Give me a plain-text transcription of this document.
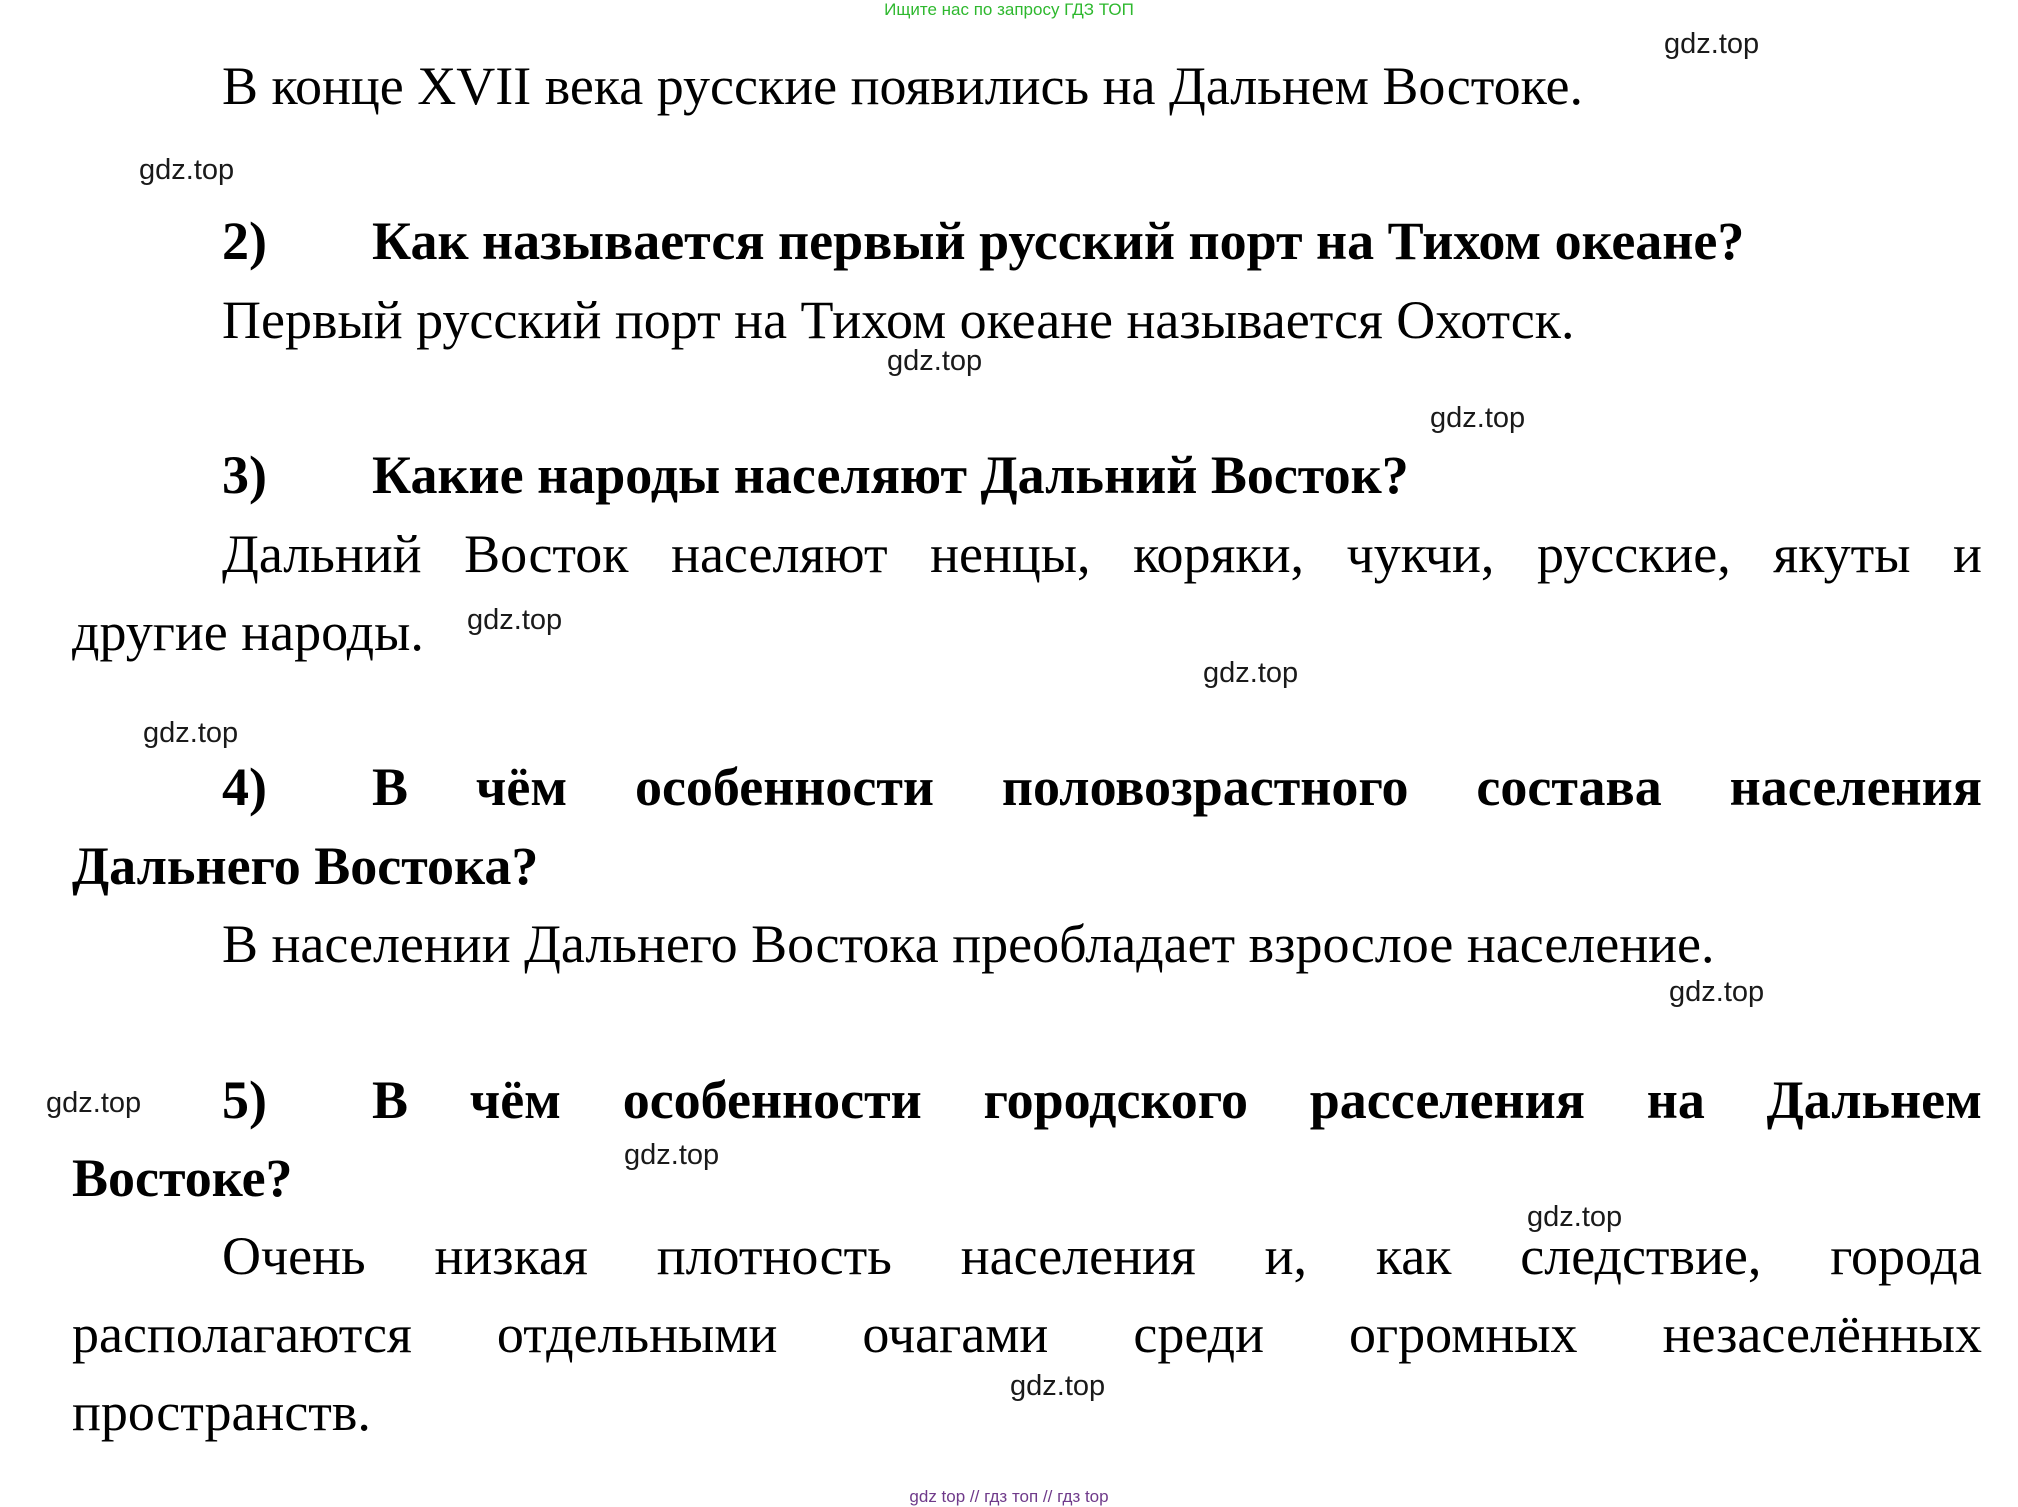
Ищите нас по запросу ГДЗ ТОП
В конце XVII века русские появились на Дальнем Востоке.
2) Как называется первый русский порт на Тихом океане?
Первый русский порт на Тихом океане называется Охотск.
3) Какие народы населяют Дальний Восток?
Дальний Восток населяют ненцы, коряки, чукчи, русские, якуты и
другие народы.
4) В чём особенности половозрастного состава населения
Дальнего Востока?
В населении Дальнего Востока преобладает взрослое население.
5) В чём особенности городского расселения на Дальнем
Востоке?
Очень низкая плотность населения и, как следствие, города
располагаются отдельными очагами среди огромных незаселённых
пространств.
gdz.top
gdz.top
gdz.top
gdz.top
gdz.top
gdz.top
gdz.top
gdz.top
gdz.top
gdz.top
gdz.top
gdz.top
gdz top // гдз топ // гдз top
